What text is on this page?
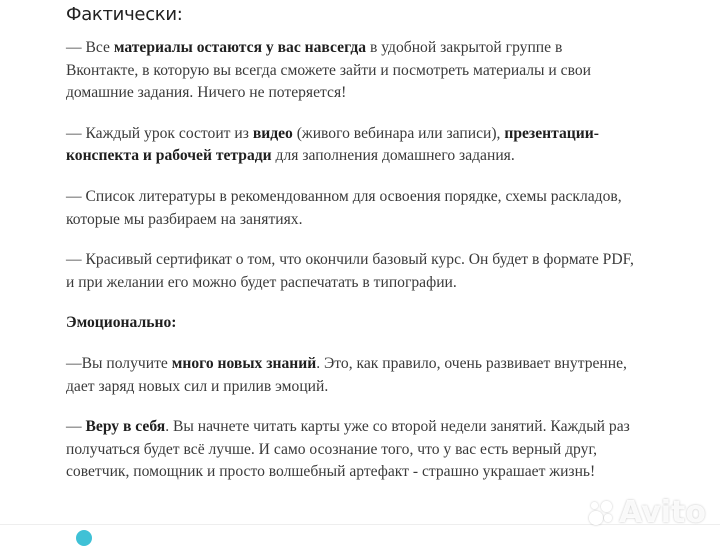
Фактически:

— Все материалы остаются у вас навсегда в удобной закрытой группе в Вконтакте, в которую вы всегда сможете зайти и посмотреть материалы и свои домашние задания. Ничего не потеряется!

— Каждый урок состоит из видео (живого вебинара или записи), презентации-конспекта и рабочей тетради для заполнения домашнего задания.

— Список литературы в рекомендованном для освоения порядке, схемы раскладов, которые мы разбираем на занятиях.

— Красивый сертификат о том, что окончили базовый курс. Он будет в формате PDF, и при желании его можно будет распечатать в типографии.

Эмоционально:

—Вы получите много новых знаний. Это, как правило, очень развивает внутренне, дает заряд новых сил и прилив эмоций.

— Веру в себя. Вы начнете читать карты уже со второй недели занятий. Каждый раз получаться будет всё лучше. И само осознание того, что у вас есть верный друг, советчик, помощник и просто волшебный артефакт - страшно украшает жизнь!

Avito
